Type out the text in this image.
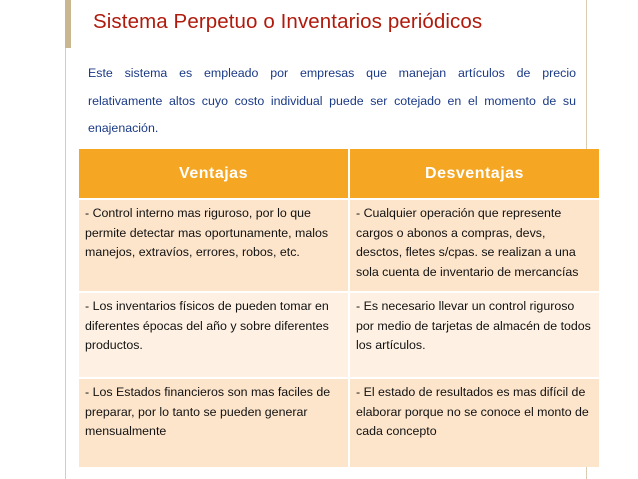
Sistema Perpetuo o Inventarios periódicos

Este sistema es empleado por empresas que manejan artículos de precio relativamente altos cuyo costo individual puede ser cotejado en el momento de su enajenación.

Ventajas	Desventajas
- Control interno mas riguroso, por lo que permite detectar mas oportunamente, malos manejos, extravíos, errores, robos, etc.	- Cualquier operación que represente cargos o abonos a compras, devs, desctos, fletes s/cpas. se realizan a una sola cuenta de inventario de mercancías
- Los inventarios físicos de pueden tomar en diferentes épocas del año y sobre diferentes productos.	- Es necesario llevar un control riguroso por medio de tarjetas de almacén de todos los artículos.
- Los Estados financieros son mas faciles de preparar, por lo tanto se pueden generar mensualmente	- El estado de resultados es mas difícil de elaborar porque no se conoce el monto de cada concepto
